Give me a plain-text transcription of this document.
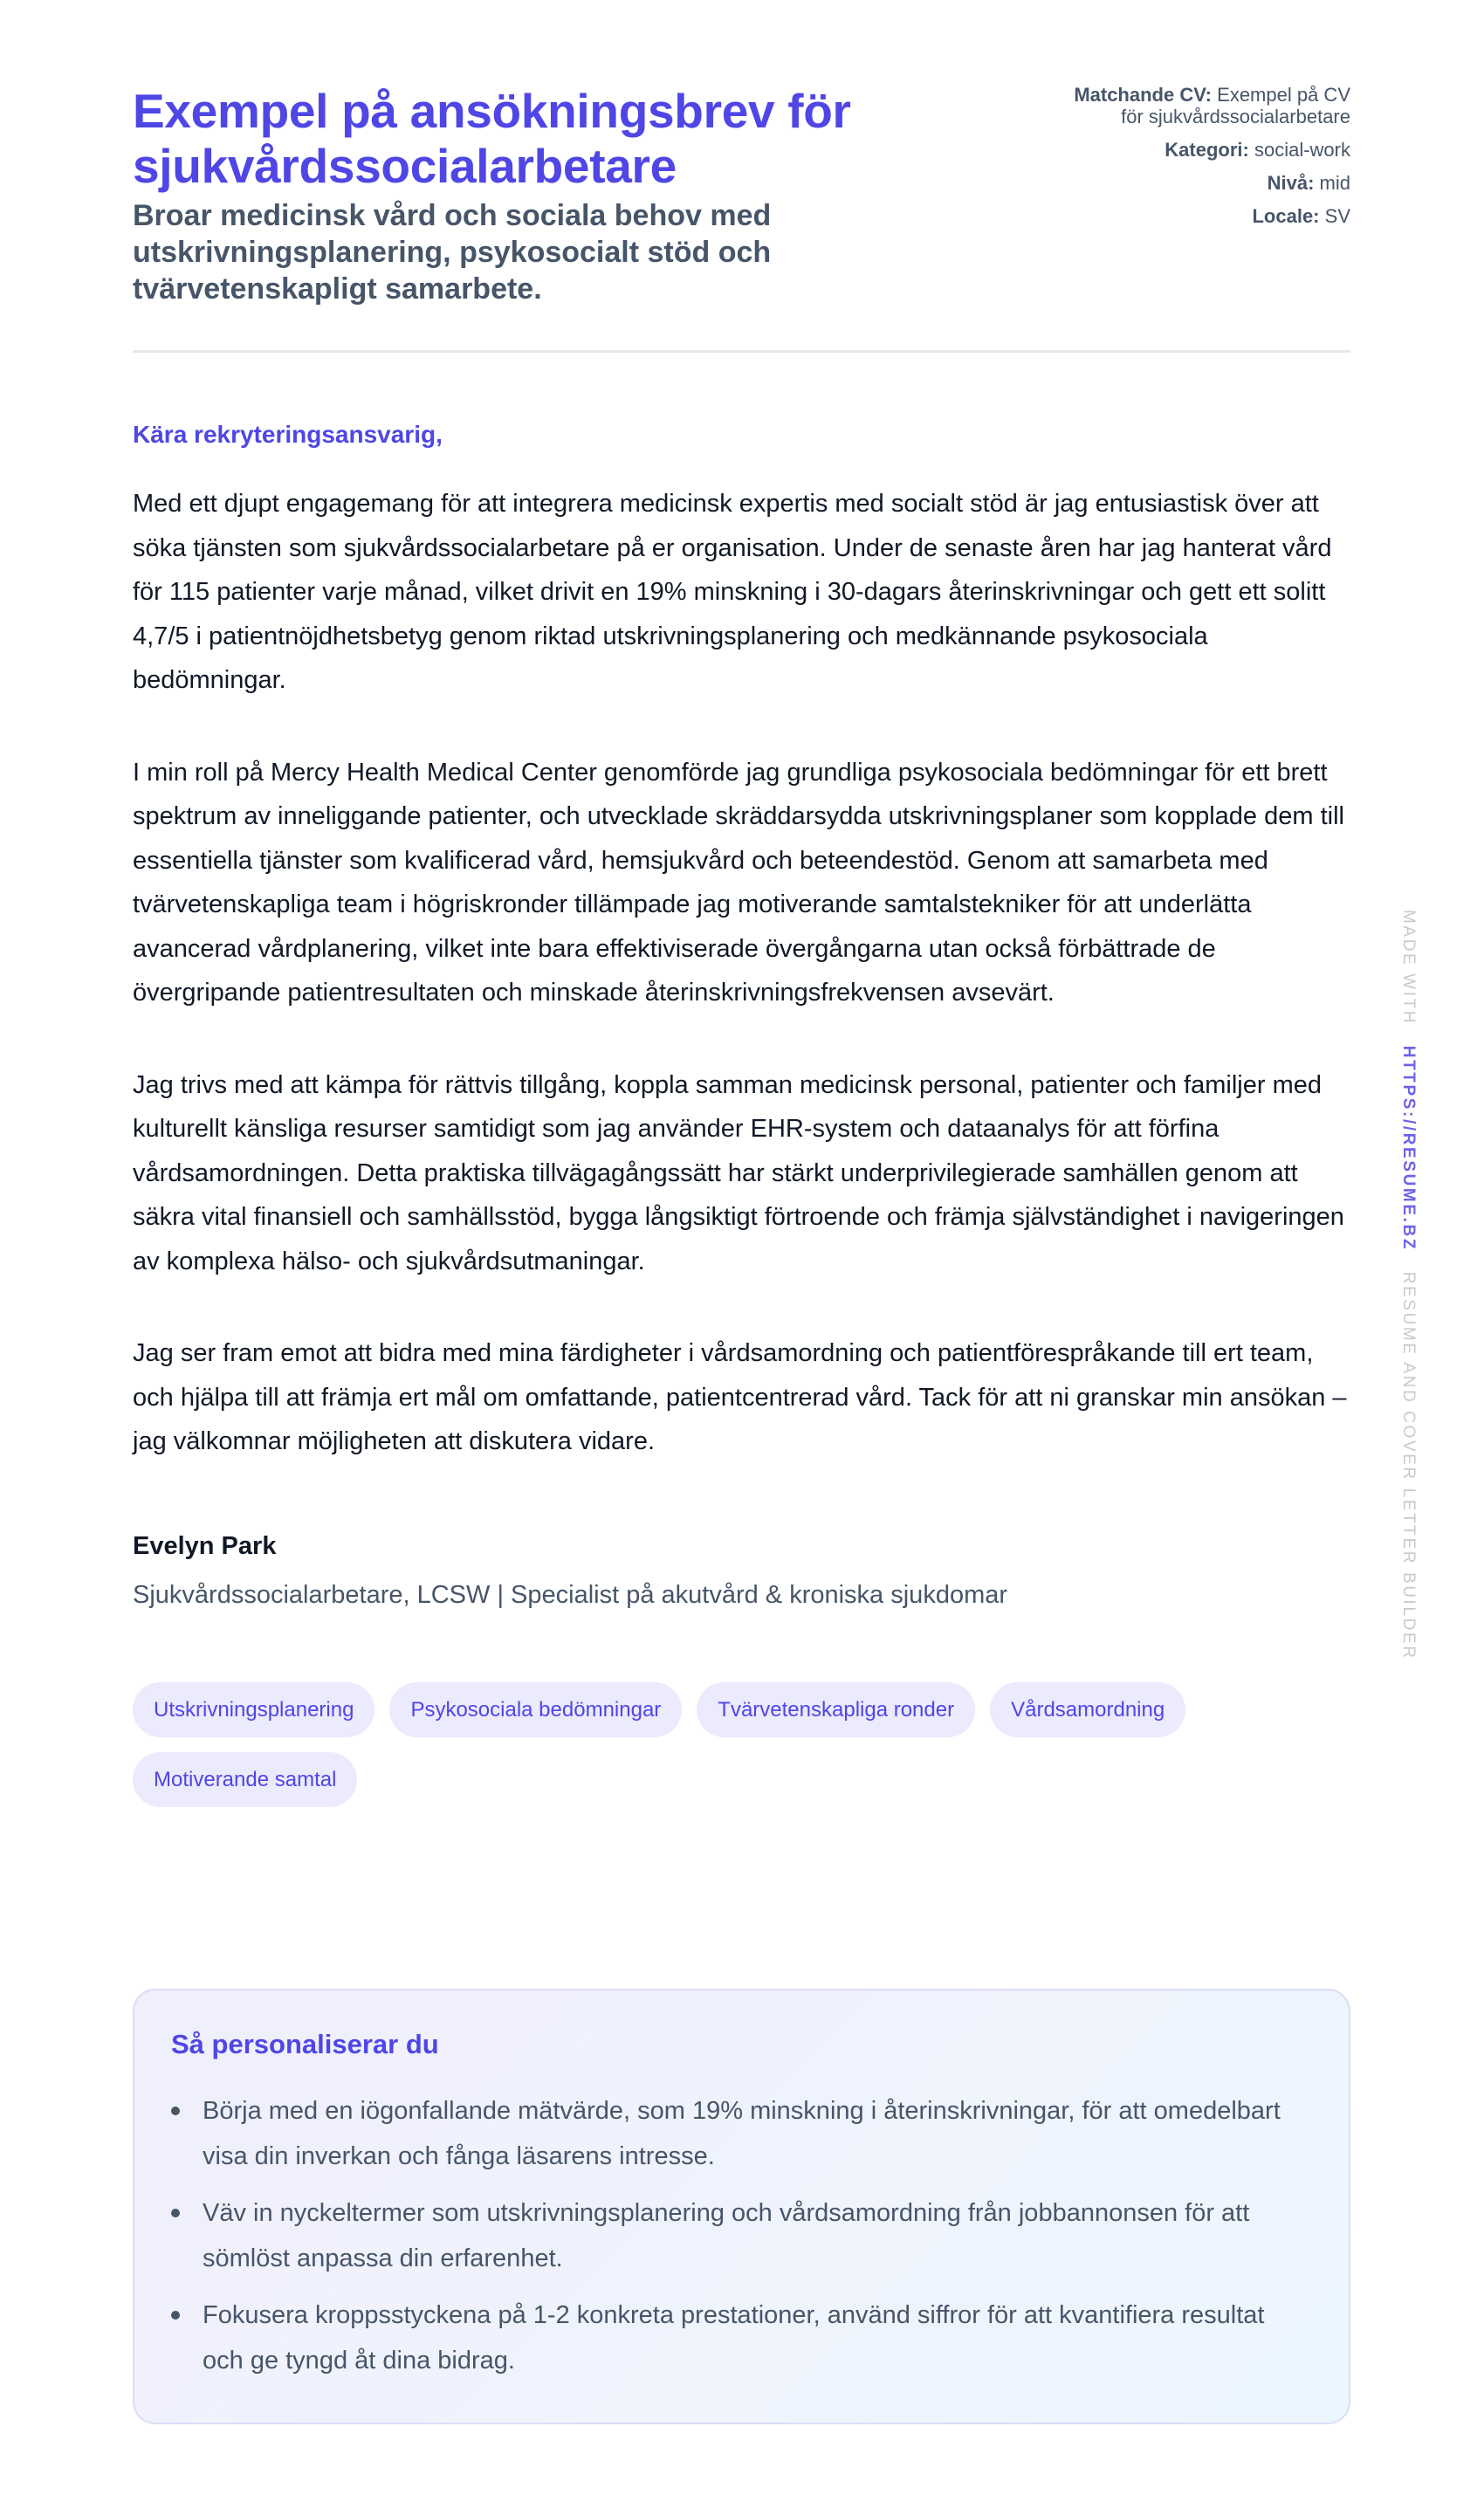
Exempel på ansökningsbrev för sjukvårdssocialarbetare

Broar medicinsk vård och sociala behov med utskrivningsplanering, psykosocialt stöd och tvärvetenskapligt samarbete.

Matchande CV: Exempel på CV för sjukvårdssocialarbetare
Kategori: social-work
Nivå: mid
Locale: SV

Kära rekryteringsansvarig,

Med ett djupt engagemang för att integrera medicinsk expertis med socialt stöd är jag entusiastisk över att söka tjänsten som sjukvårdssocialarbetare på er organisation. Under de senaste åren har jag hanterat vård för 115 patienter varje månad, vilket drivit en 19% minskning i 30-dagars återinskrivningar och gett ett solitt 4,7/5 i patientnöjdhetsbetyg genom riktad utskrivningsplanering och medkännande psykosociala bedömningar.

I min roll på Mercy Health Medical Center genomförde jag grundliga psykosociala bedömningar för ett brett spektrum av inneliggande patienter, och utvecklade skräddarsydda utskrivningsplaner som kopplade dem till essentiella tjänster som kvalificerad vård, hemsjukvård och beteendestöd. Genom att samarbeta med tvärvetenskapliga team i högriskronder tillämpade jag motiverande samtalstekniker för att underlätta avancerad vårdplanering, vilket inte bara effektiviserade övergångarna utan också förbättrade de övergripande patientresultaten och minskade återinskrivningsfrekvensen avsevärt.

Jag trivs med att kämpa för rättvis tillgång, koppla samman medicinsk personal, patienter och familjer med kulturellt känsliga resurser samtidigt som jag använder EHR-system och dataanalys för att förfina vårdsamordningen. Detta praktiska tillvägagångssätt har stärkt underprivilegierade samhällen genom att säkra vital finansiell och samhällsstöd, bygga långsiktigt förtroende och främja självständighet i navigeringen av komplexa hälso- och sjukvårdsutmaningar.

Jag ser fram emot att bidra med mina färdigheter i vårdsamordning och patientförespråkande till ert team, och hjälpa till att främja ert mål om omfattande, patientcentrerad vård. Tack för att ni granskar min ansökan – jag välkomnar möjligheten att diskutera vidare.

Evelyn Park

Sjukvårdssocialarbetare, LCSW | Specialist på akutvård & kroniska sjukdomar

Utskrivningsplanering	Psykosociala bedömningar	Tvärvetenskapliga ronder	Vårdsamordning
Motiverande samtal
Så personaliserar du
Börja med en iögonfallande mätvärde, som 19% minskning i återinskrivningar, för att omedelbart visa din inverkan och fånga läsarens intresse.
Väv in nyckeltermer som utskrivningsplanering och vårdsamordning från jobbannonsen för att sömlöst anpassa din erfarenhet.
Fokusera kroppsstyckena på 1-2 konkreta prestationer, använd siffror för att kvantifiera resultat och ge tyngd åt dina bidrag.
MADE WITH   HTTPS://RESUME.BZ   RESUME AND COVER LETTER BUILDER
